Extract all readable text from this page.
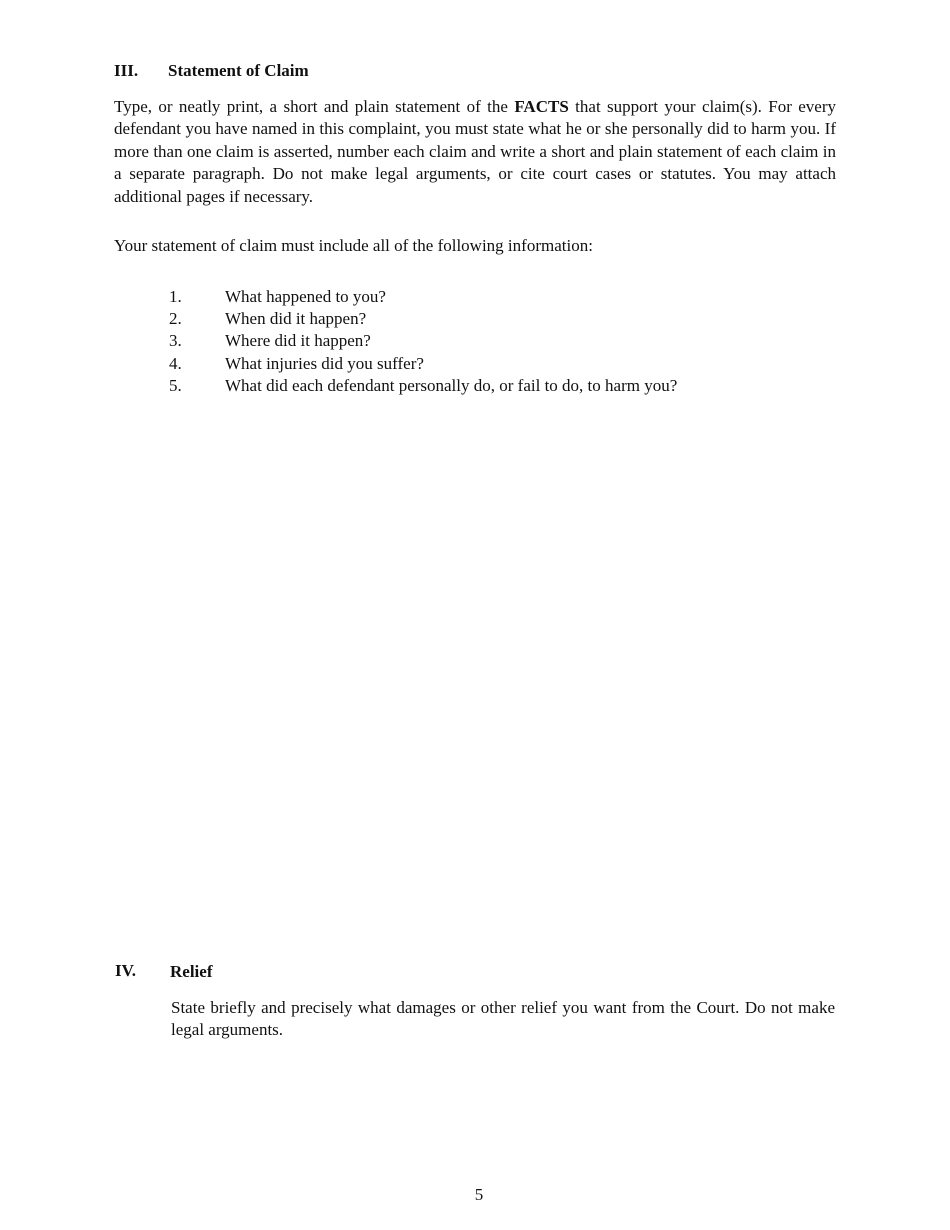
III. Statement of Claim

Type, or neatly print, a short and plain statement of the FACTS that support your claim(s). For every defendant you have named in this complaint, you must state what he or she personally did to harm you. If more than one claim is asserted, number each claim and write a short and plain statement of each claim in a separate paragraph. Do not make legal arguments, or cite court cases or statutes. You may attach additional pages if necessary.

Your statement of claim must include all of the following information:

1.	What happened to you?
2.	When did it happen?
3.	Where did it happen?
4.	What injuries did you suffer?
5.	What did each defendant personally do, or fail to do, to harm you?
IV. Relief

State briefly and precisely what damages or other relief you want from the Court. Do not make legal arguments.

5
